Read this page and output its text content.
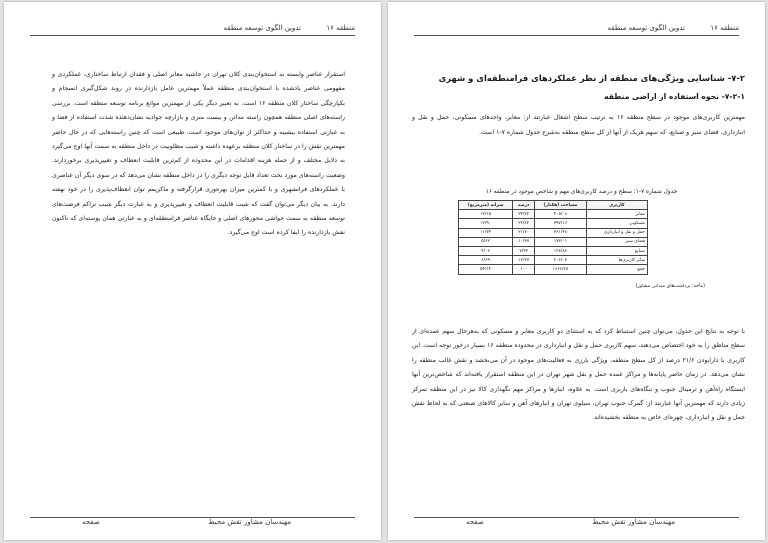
تدوین الگوی توسعه منطقه	منطقه ۱۶
استقرار عناصر وابسته به استخوان‌بندی کلان تهران در حاشیه معابر اصلی و فقدان ارتباط ساختاری، عملکردی و مفهومی عناصر یادشده با استخوان‌بندی منطقه عملاً مهمترین عامل بازدارنده در روند شکل‌گیری انسجام و یکپارچگی ساختار کلان منطقه ۱۶ است. به تعبیر دیگر یکی از مهمترین موانع برنامه توسعه منطقه است. بررسی راسته‌های اصلی منطقه همچون راسته مدائن و بیست متری و بازارچه جوادیه نشان‌دهنده شدت استفاده از فضا و به عبارتی استفاده بیشینه و حداکثر از توان‌های موجود است. طبیعی است که چنین راسته‌هایی که در حال حاضر مهمترین نقش را در ساختار کلان منطقه برعهده داشته و شیب مطلوبیت در داخل منطقه به سمت آنها اوج می‌گیرد به دلایل مختلف و از جمله هزینه اقدامات در این محدوده از کم‌ترین قابلیت انعطاف و تغییرپذیری برخوردارند. وضعیت راسته‌های مورد بحث تعداد قابل توجه دیگری را در داخل منطقه نشان می‌دهد که در سوی دیگر آن عناصری با عملکردهای فرانشهری و با کمترین میزان بهره‌وری قرارگرفته و ماکزیمم توان انعطاف‌پذیری را در خود نهفته دارند. به بیان دیگر می‌توان گفت که شیب قابلیت انعطاف و تغییرپذیری و به عبارت دیگر شیب تراکم فرصت‌های توسعه منطقه به سمت حواشی محورهای اصلی و جایگاه عناصر فرامنطقه‌ای و به عبارتی همان پوسته‌ای که تاکنون نقش بازدارنده را ایفا کرده است اوج می‌گیرد.
مهندسان مشاور نقش محیط
صفحه
تدوین الگوی توسعه منطقه	منطقه ۱۶
۷-۲- شناسایی ویژگی‌های منطقه از نظر عملکردهای فرامنطقه‌ای و شهری
۷-۲-۱- نحوه استفاده از اراضی منطقه
مهمترین کاربری‌های موجود در سطح منطقه ۱۶ به ترتیب سطح اشغال عبارتند از: معابر، واحدهای مسکونی، حمل و نقل و انبارداری، فضای سبز و صنایع، که سهم هریک از آنها از کل سطح منطقه به‌شرح جدول شماره ۷-۱ است.
جدول شماره ۷-۱: سطح و درصد کاربری‌های مهم و شاخص موجود در منطقه ۱۶
کاربری	مساحت (هکتار)	درصد	سرانه (مترمربع)
معابر	۴۰۵/۰۸	۲۴/۳۲	۱۳/۱۵
مسکونی	۳۹۷/۱۶	۲۳/۸۴	۱۲/۹۰
حمل و نقل و انبارداری	۳۶۱/۴۸	۲۱/۷۰	۱۱/۷۴
فضای سبز	۱۷۳/۰۱	۱۰/۳۷	۵/۶۲
صنایع	۱۲۳/۸۶	۷/۴۴	۴/۰۲
سایر کاربری‌ها	۲۰۶/۰۷	۱۲/۳۷	۶/۶۹
جمع	۱۶۶۶/۶۷	۱۰۰	۵۴/۱۴
(مأخذ: برداشت‌های میدانی مشاور)
با توجه به نتایج این جدول، می‌توان چنین استنباط کرد که به استثنای دو کاربری معابر و مسکونی که به‌هرحال سهم عمده‌ای از سطح مناطق را به خود اختصاص می‌دهند، سهم کاربری حمل و نقل و انبارداری در محدوده منطقه ۱۶ بسیار درخور توجه است. این کاربری با دارابودن ۲۱/۶ درصد از کل سطح منطقه، ویژگی بارزی به فعالیت‌های موجود در آن می‌بخشد و نقش غالب منطقه را نشان می‌دهد. در زمان حاضر پایانه‌ها و مراکز عمده حمل و نقل شهر تهران در این منطقه استقرار یافته‌اند که شاخص‌ترین آنها ایستگاه راه‌آهن و ترمینال جنوب و بنگاه‌های باربری است. به علاوه، انبارها و مراکز مهم نگهداری کالا نیز در این منطقه تمرکز زیادی دارند که مهمترین آنها عبارتند از: گمرک جنوب تهران، سیلوی تهران و انبارهای آهن و سایر کالاهای صنعتی که به لحاظ نقش حمل و نقل و انبارداری، چهره‌ای خاص به منطقه بخشیده‌اند.
مهندسان مشاور نقش محیط
صفحه
